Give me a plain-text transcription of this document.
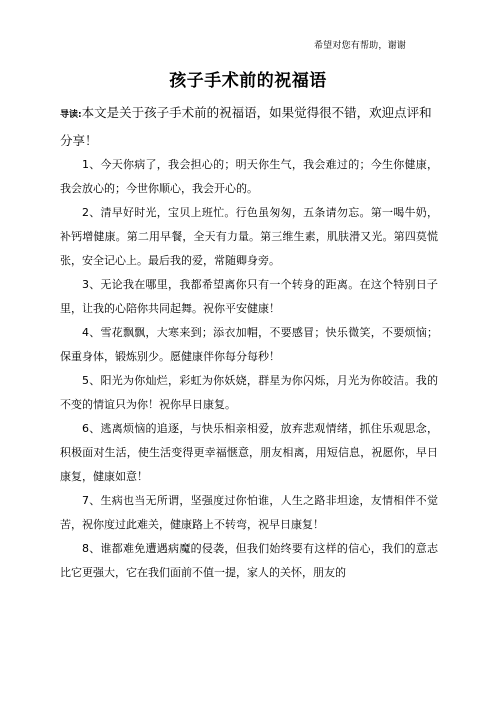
希望对您有帮助，谢谢
孩子手术前的祝福语

导读:本文是关于孩子手术前的祝福语，如果觉得很不错，欢迎点评和分享！

1、今天你病了，我会担心的；明天你生气，我会难过的；今生你健康，我会放心的；今世你顺心，我会开心的。

2、清早好时光，宝贝上班忙。行色虽匆匆，五条请勿忘。第一喝牛奶，补钙增健康。第二用早餐，全天有力量。第三维生素，肌肤滑又光。第四莫慌张，安全记心上。最后我的爱，常随卿身旁。

3、无论我在哪里，我都希望离你只有一个转身的距离。在这个特别日子里，让我的心陪你共同起舞。祝你平安健康！

4、雪花飘飘，大寒来到；添衣加帽，不要感冒；快乐微笑，不要烦恼；保重身体，锻炼别少。愿健康伴你每分每秒！

5、阳光为你灿烂，彩虹为你妖娆，群星为你闪烁，月光为你皎洁。我的不变的情谊只为你！祝你早日康复。

6、逃离烦恼的追逐，与快乐相亲相爱，放弃悲观情绪，抓住乐观思念，积极面对生活，使生活变得更幸福惬意，朋友相离，用短信息，祝愿你，早日康复，健康如意！

7、生病也当无所谓，坚强度过你怕谁，人生之路非坦途，友情相伴不觉苦，祝你度过此难关，健康路上不转弯，祝早日康复！

8、谁都难免遭遇病魔的侵袭，但我们始终要有这样的信心，我们的意志比它更强大，它在我们面前不值一提，家人的关怀，朋友的
